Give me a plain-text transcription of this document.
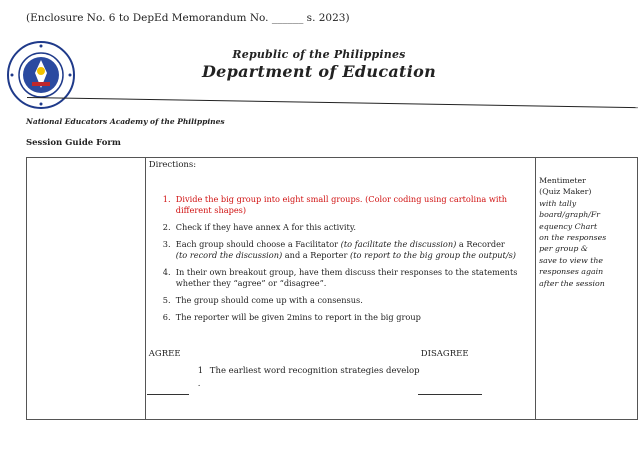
(Enclosure No. 6 to DepEd Memorandum No. ______ s. 2023)
Republic of the Philippines
Department of Education
National Educators Academy of the Philippines
Session Guide Form

Directions:
1. Divide the big group into eight small groups. (Color coding using cartolina with different shapes)
2. Check if they have annex A for this activity.
3. Each group should choose a Facilitator (to facilitate the discussion) a Recorder (to record the discussion) and a Reporter (to report to the big group the output/s)
4. In their own breakout group, have them discuss their responses to the statements whether they “agree” or “disagree”.
5. The group should come up with a consensus.
6. The reporter will be given 2mins to report in the big group
AGREE	DISAGREE
1 The earliest word recognition strategies develop
.

Mentimeter
(Quiz Maker)
with tally
board/graph/Fr
equency Chart
on the responses
per group &
save to view the
responses again
after the session
